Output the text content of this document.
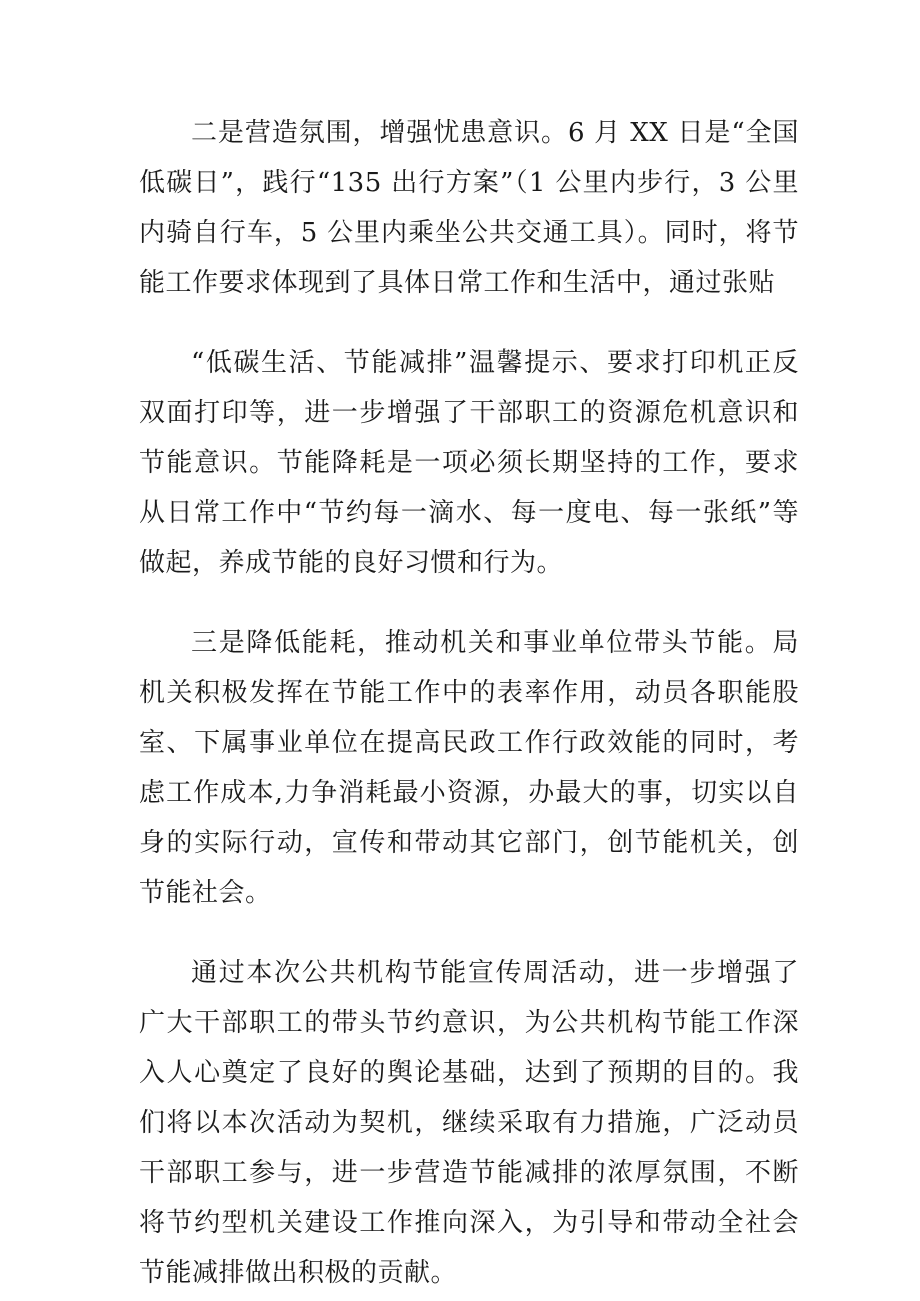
二是营造氛围，增强忧患意识。6 月 XX 日是“全国低碳日”，践行“135 出行方案”（1 公里内步行，3 公里内骑自行车，5 公里内乘坐公共交通工具）。同时，将节能工作要求体现到了具体日常工作和生活中，通过张贴

“低碳生活、节能减排”温馨提示、要求打印机正反双面打印等，进一步增强了干部职工的资源危机意识和节能意识。节能降耗是一项必须长期坚持的工作，要求从日常工作中“节约每一滴水、每一度电、每一张纸”等做起，养成节能的良好习惯和行为。

三是降低能耗，推动机关和事业单位带头节能。局机关积极发挥在节能工作中的表率作用，动员各职能股室、下属事业单位在提高民政工作行政效能的同时，考虑工作成本,力争消耗最小资源，办最大的事，切实以自身的实际行动，宣传和带动其它部门，创节能机关，创节能社会。

通过本次公共机构节能宣传周活动，进一步增强了广大干部职工的带头节约意识，为公共机构节能工作深入人心奠定了良好的舆论基础，达到了预期的目的。我们将以本次活动为契机，继续采取有力措施，广泛动员干部职工参与，进一步营造节能减排的浓厚氛围，不断将节约型机关建设工作推向深入，为引导和带动全社会节能减排做出积极的贡献。
